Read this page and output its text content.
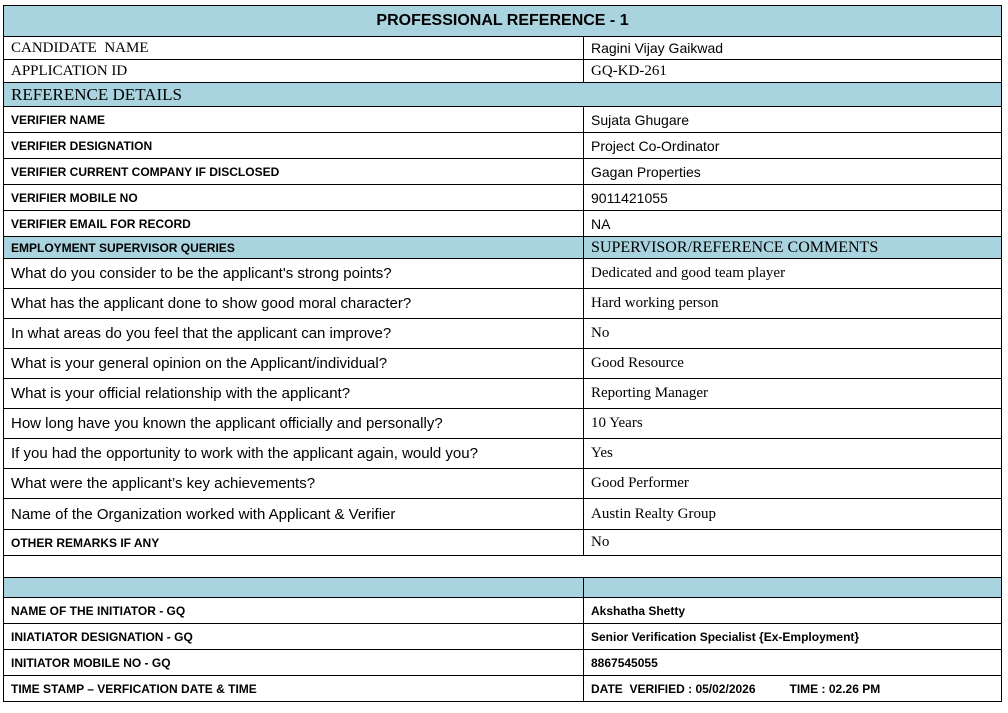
PROFESSIONAL REFERENCE - 1	
CANDIDATE  NAME	Ragini Vijay Gaikwad
APPLICATION ID	GQ-KD-261
REFERENCE DETAILS	
VERIFIER NAME	Sujata Ghugare
VERIFIER DESIGNATION	Project Co-Ordinator
VERIFIER CURRENT COMPANY IF DISCLOSED	Gagan Properties
VERIFIER MOBILE NO	9011421055
VERIFIER EMAIL FOR RECORD	NA
EMPLOYMENT SUPERVISOR QUERIES	SUPERVISOR/REFERENCE COMMENTS
What do you consider to be the applicant's strong points?	Dedicated and good team player
What has the applicant done to show good moral character?	Hard working person
In what areas do you feel that the applicant can improve?	No
What is your general opinion on the Applicant/individual?	Good Resource
What is your official relationship with the applicant?	Reporting Manager
How long have you known the applicant officially and personally?	10 Years
If you had the opportunity to work with the applicant again, would you?	Yes
What were the applicant’s key achievements?	Good Performer
Name of the Organization worked with Applicant & Verifier	Austin Realty Group
OTHER REMARKS IF ANY	No

NAME OF THE INITIATOR - GQ	Akshatha Shetty
INIATIATOR DESIGNATION - GQ	Senior Verification Specialist {Ex-Employment}
INITIATOR MOBILE NO - GQ	8867545055
TIME STAMP – VERFICATION DATE & TIME	DATE  VERIFIED : 05/02/2026 TIME : 02.26 PM
